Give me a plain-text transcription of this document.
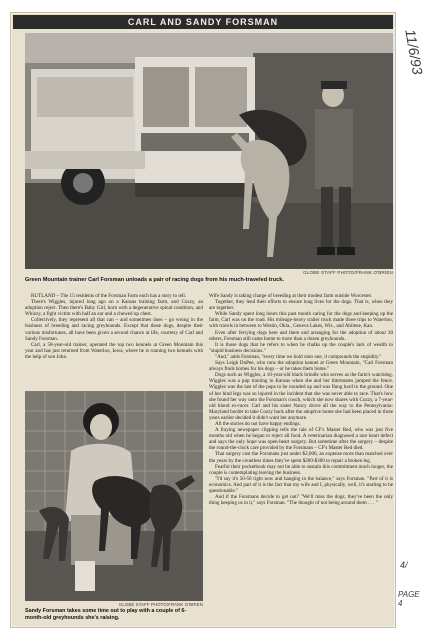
CARL AND SANDY FORSMAN
GLOBE STAFF PHOTO/FRANK O'BRIEN
Green Mountain trainer Carl Forsman unloads a pair of racing dogs from his much-traveled truck.

RUTLAND – The 15 residents of the Forsman Farm each has a story to tell.

There's Wiggles, injured long ago on a Kansas training farm, and Cozzy, an adoption reject. Then there's Baby Girl, born with a degenerative spinal condition, and Whizzy, a fight victim with half an ear and a chewed up chest.

Collectively, they represent all that can – and sometimes does – go wrong in the business of breeding and racing greyhounds. Except that these dogs, despite their various misfortunes, all have been given a second chance at life, courtesy of Carl and Sandy Forsman.

Carl, a 58-year-old trainer, operated the top two kennels at Green Mountain this year and has just returned from Waterloo, Iowa, where he is running two kennels with the help of son John.

GLOBE STAFF PHOTO/FRANK O'BRIEN
Sandy Forsman takes some time out to play with a couple of 6-month-old greyhounds she's raising.

Wife Sandy is taking charge of breeding at their modest farm outside Worcester.

Together, they lend their efforts to ensure long lives for the dogs. That is, when they are together.

While Sandy spent long hours this past month caring for the dogs and keeping up the farm, Carl was on the road. His mileage-heavy trailer truck made three trips to Waterloo, with travels in between to Westin, Okla., Geneva Lakes, Wis., and Abilene, Kan.

Even after ferrying dogs here and there and arranging for the adoption of about 30 others, Forsman still came home to more than a dozen greyhounds.

It is those dogs that he refers to when he chalks up the couple's lack of wealth to "stupid business decisions."

"And," adds Forsman, "every time we hold onto one, it compounds the stupidity."

Says Leigh DuPee, who runs the adoption kennel at Green Mountain, "Carl Forsman always finds homes for his dogs – or he takes them home."

Dogs such as Wiggles, a 10-year-old black brindle who serves as the farm's watchdog. Wiggles was a pup training in Kansas when she and her littermates jumped the fence. Wiggles was the last of the pups to be rounded up and was flung hard to the ground. One of her hind legs was so injured in the incident that she was never able to race. That's how she found her way onto the Forsman's couch, which she now shares with Cozzy, a 7-year-old blond ex-racer. Carl and his sister Nancy drove all the way to the Pennsylvania-Maryland border to take Cozzy back after the adoptive home she had been placed in three years earlier decided it didn't want her anymore.

All the stories do not have happy endings.

A fraying newspaper clipping tells the tale of CF's Master Red, who was just five months old when he began to reject all food. A veterinarian diagnosed a rare heart defect and says the only hope was open-heart surgery. But sometime after the surgery – despite the round-the-clock care provided by the Forsmans – CF's Master Red died.

That surgery cost the Forsmans just under $2,000, an expense more than matched over the years by the countless times they've spent $200-$300 to repair a broken leg.

Fearful their pocketbook may not be able to sustain this commitment much longer, the couple is contemplating leaving the business.

"I'd say it's 50-50 right now and hanging in the balance," says Forsman. "Part of it is economics. And part of it is the fact that my wife and I, physically, well, it's starting to be questionable."

And if the Forsmans decide to get out? "We'll miss the dogs; they've been the only thing keeping us in it," says Forsman. "The thought of not being around them . . . "

11/6/93
4/
PAGE 4
